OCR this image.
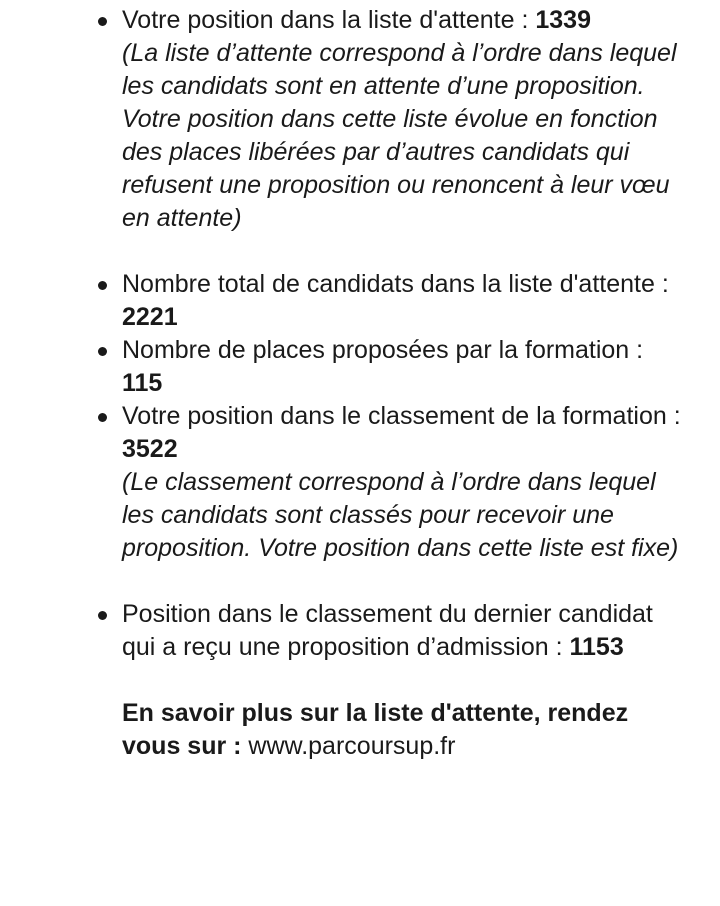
Votre position dans la liste d'attente : 1339
(La liste d’attente correspond à l’ordre dans lequel les candidats sont en attente d’une proposition. Votre position dans cette liste évolue en fonction des places libérées par d’autres candidats qui refusent une proposition ou renoncent à leur vœu en attente)
Nombre total de candidats dans la liste d'attente : 2221
Nombre de places proposées par la formation : 115
Votre position dans le classement de la formation : 3522
(Le classement correspond à l’ordre dans lequel les candidats sont classés pour recevoir une proposition. Votre position dans cette liste est fixe)
Position dans le classement du dernier candidat qui a reçu une proposition d’admission : 1153
En savoir plus sur la liste d'attente, rendez vous sur : www.parcoursup.fr
